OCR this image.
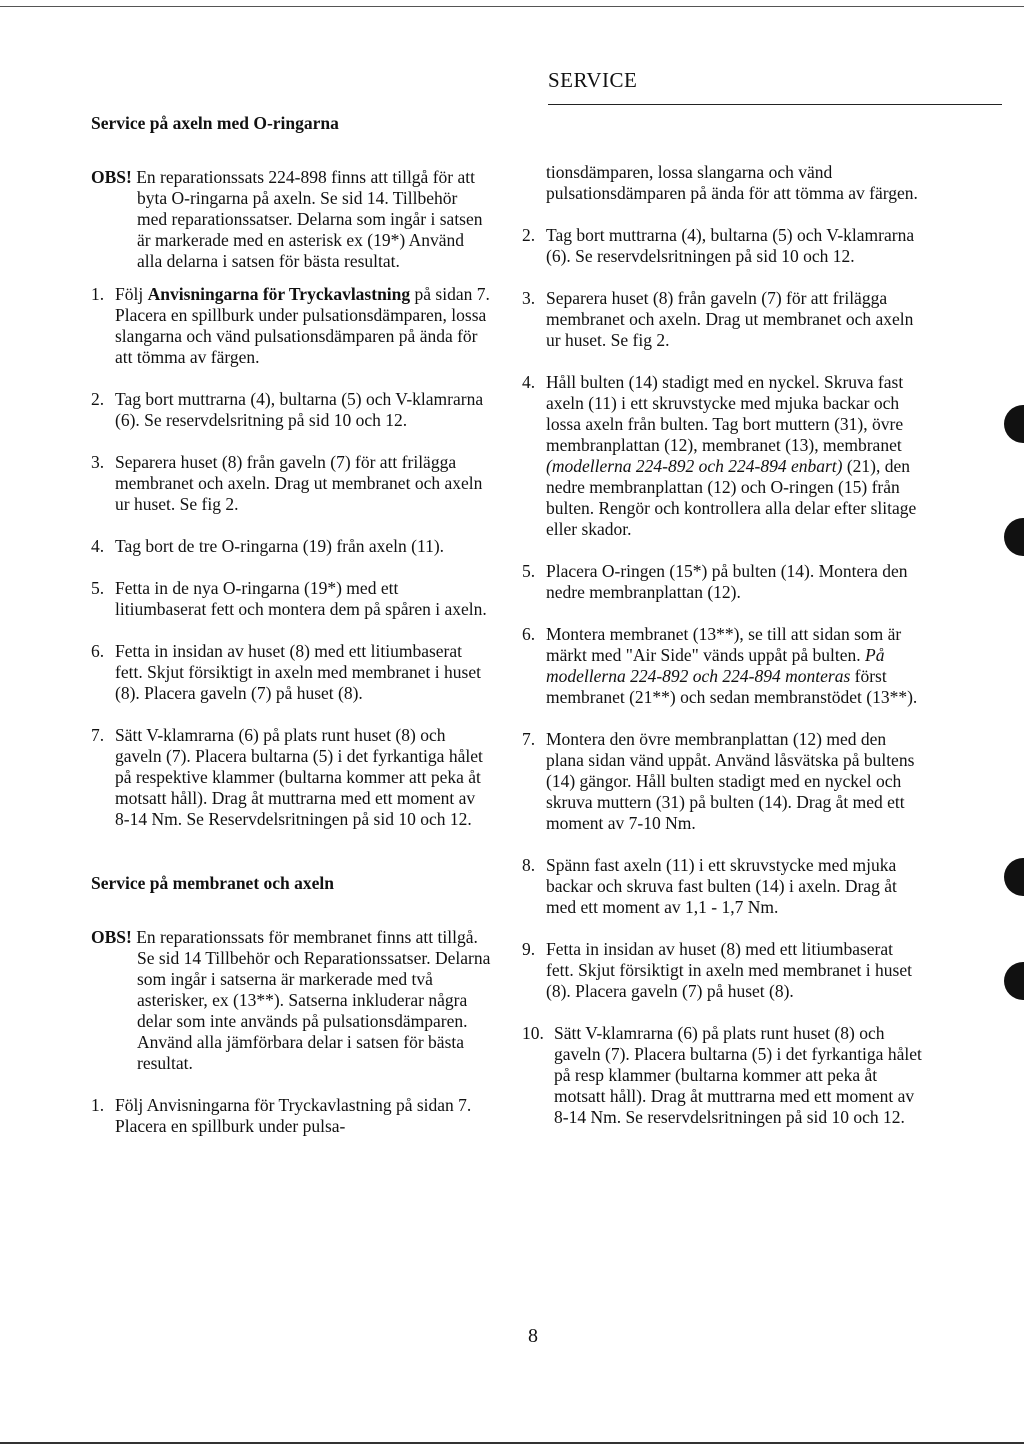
SERVICE

Service på axeln med O-ringarna

OBS! En reparationssats 224-898 finns att tillgå för att byta O-ringarna på axeln. Se sid 14. Tillbehör med reparationssatser. Delarna som ingår i satsen är markerade med en asterisk ex (19*) Använd alla delarna i satsen för bästa resultat.

1. Följ Anvisningarna för Tryckavlastning på sidan 7. Placera en spillburk under pulsationsdämparen, lossa slangarna och vänd pulsationsdämparen på ända för att tömma av färgen.
2. Tag bort muttrarna (4), bultarna (5) och V-klamrarna (6). Se reservdelsritning på sid 10 och 12.
3. Separera huset (8) från gaveln (7) för att frilägga membranet och axeln. Drag ut membranet och axeln ur huset. Se fig 2.
4. Tag bort de tre O-ringarna (19) från axeln (11).
5. Fetta in de nya O-ringarna (19*) med ett litiumbaserat fett och montera dem på spåren i axeln.
6. Fetta in insidan av huset (8) med ett litiumbaserat fett. Skjut försiktigt in axeln med membranet i huset (8). Placera gaveln (7) på huset (8).
7. Sätt V-klamrarna (6) på plats runt huset (8) och gaveln (7). Placera bultarna (5) i det fyrkantiga hålet på respektive klammer (bultarna kommer att peka åt motsatt håll). Drag åt muttrarna med ett moment av 8-14 Nm. Se Reservdelsritningen på sid 10 och 12.

Service på membranet och axeln

OBS! En reparationssats för membranet finns att tillgå. Se sid 14 Tillbehör och Reparationssatser. Delarna som ingår i satserna är markerade med två asterisker, ex (13**). Satserna inkluderar några delar som inte används på pulsationsdämparen. Använd alla jämförbara delar i satsen för bästa resultat.

1. Följ Anvisningarna för Tryckavlastning på sidan 7. Placera en spillburk under pulsa-
tionsdämparen, lossa slangarna och vänd pulsationsdämparen på ända för att tömma av färgen.
2. Tag bort muttrarna (4), bultarna (5) och V-klamrarna (6). Se reservdelsritningen på sid 10 och 12.
3. Separera huset (8) från gaveln (7) för att frilägga membranet och axeln. Drag ut membranet och axeln ur huset. Se fig 2.
4. Håll bulten (14) stadigt med en nyckel. Skruva fast axeln (11) i ett skruvstycke med mjuka backar och lossa axeln från bulten. Tag bort muttern (31), övre membranplattan (12), membranet (13), membranet (modellerna 224-892 och 224-894 enbart) (21), den nedre membranplattan (12) och O-ringen (15) från bulten. Rengör och kontrollera alla delar efter slitage eller skador.
5. Placera O-ringen (15*) på bulten (14). Montera den nedre membranplattan (12).
6. Montera membranet (13**), se till att sidan som är märkt med "Air Side" vänds uppåt på bulten. På modellerna 224-892 och 224-894 monteras först membranet (21**) och sedan membranstödet (13**).
7. Montera den övre membranplattan (12) med den plana sidan vänd uppåt. Använd låsvätska på bultens (14) gängor. Håll bulten stadigt med en nyckel och skruva muttern (31) på bulten (14). Drag åt med ett moment av 7-10 Nm.
8. Spänn fast axeln (11) i ett skruvstycke med mjuka backar och skruva fast bulten (14) i axeln. Drag åt med ett moment av 1,1 - 1,7 Nm.
9. Fetta in insidan av huset (8) med ett litiumbaserat fett. Skjut försiktigt in axeln med membranet i huset (8). Placera gaveln (7) på huset (8).
10. Sätt V-klamrarna (6) på plats runt huset (8) och gaveln (7). Placera bultarna (5) i det fyrkantiga hålet på resp klammer (bultarna kommer att peka åt motsatt håll). Drag åt muttrarna med ett moment av 8-14 Nm. Se reservdelsritningen på sid 10 och 12.
8
